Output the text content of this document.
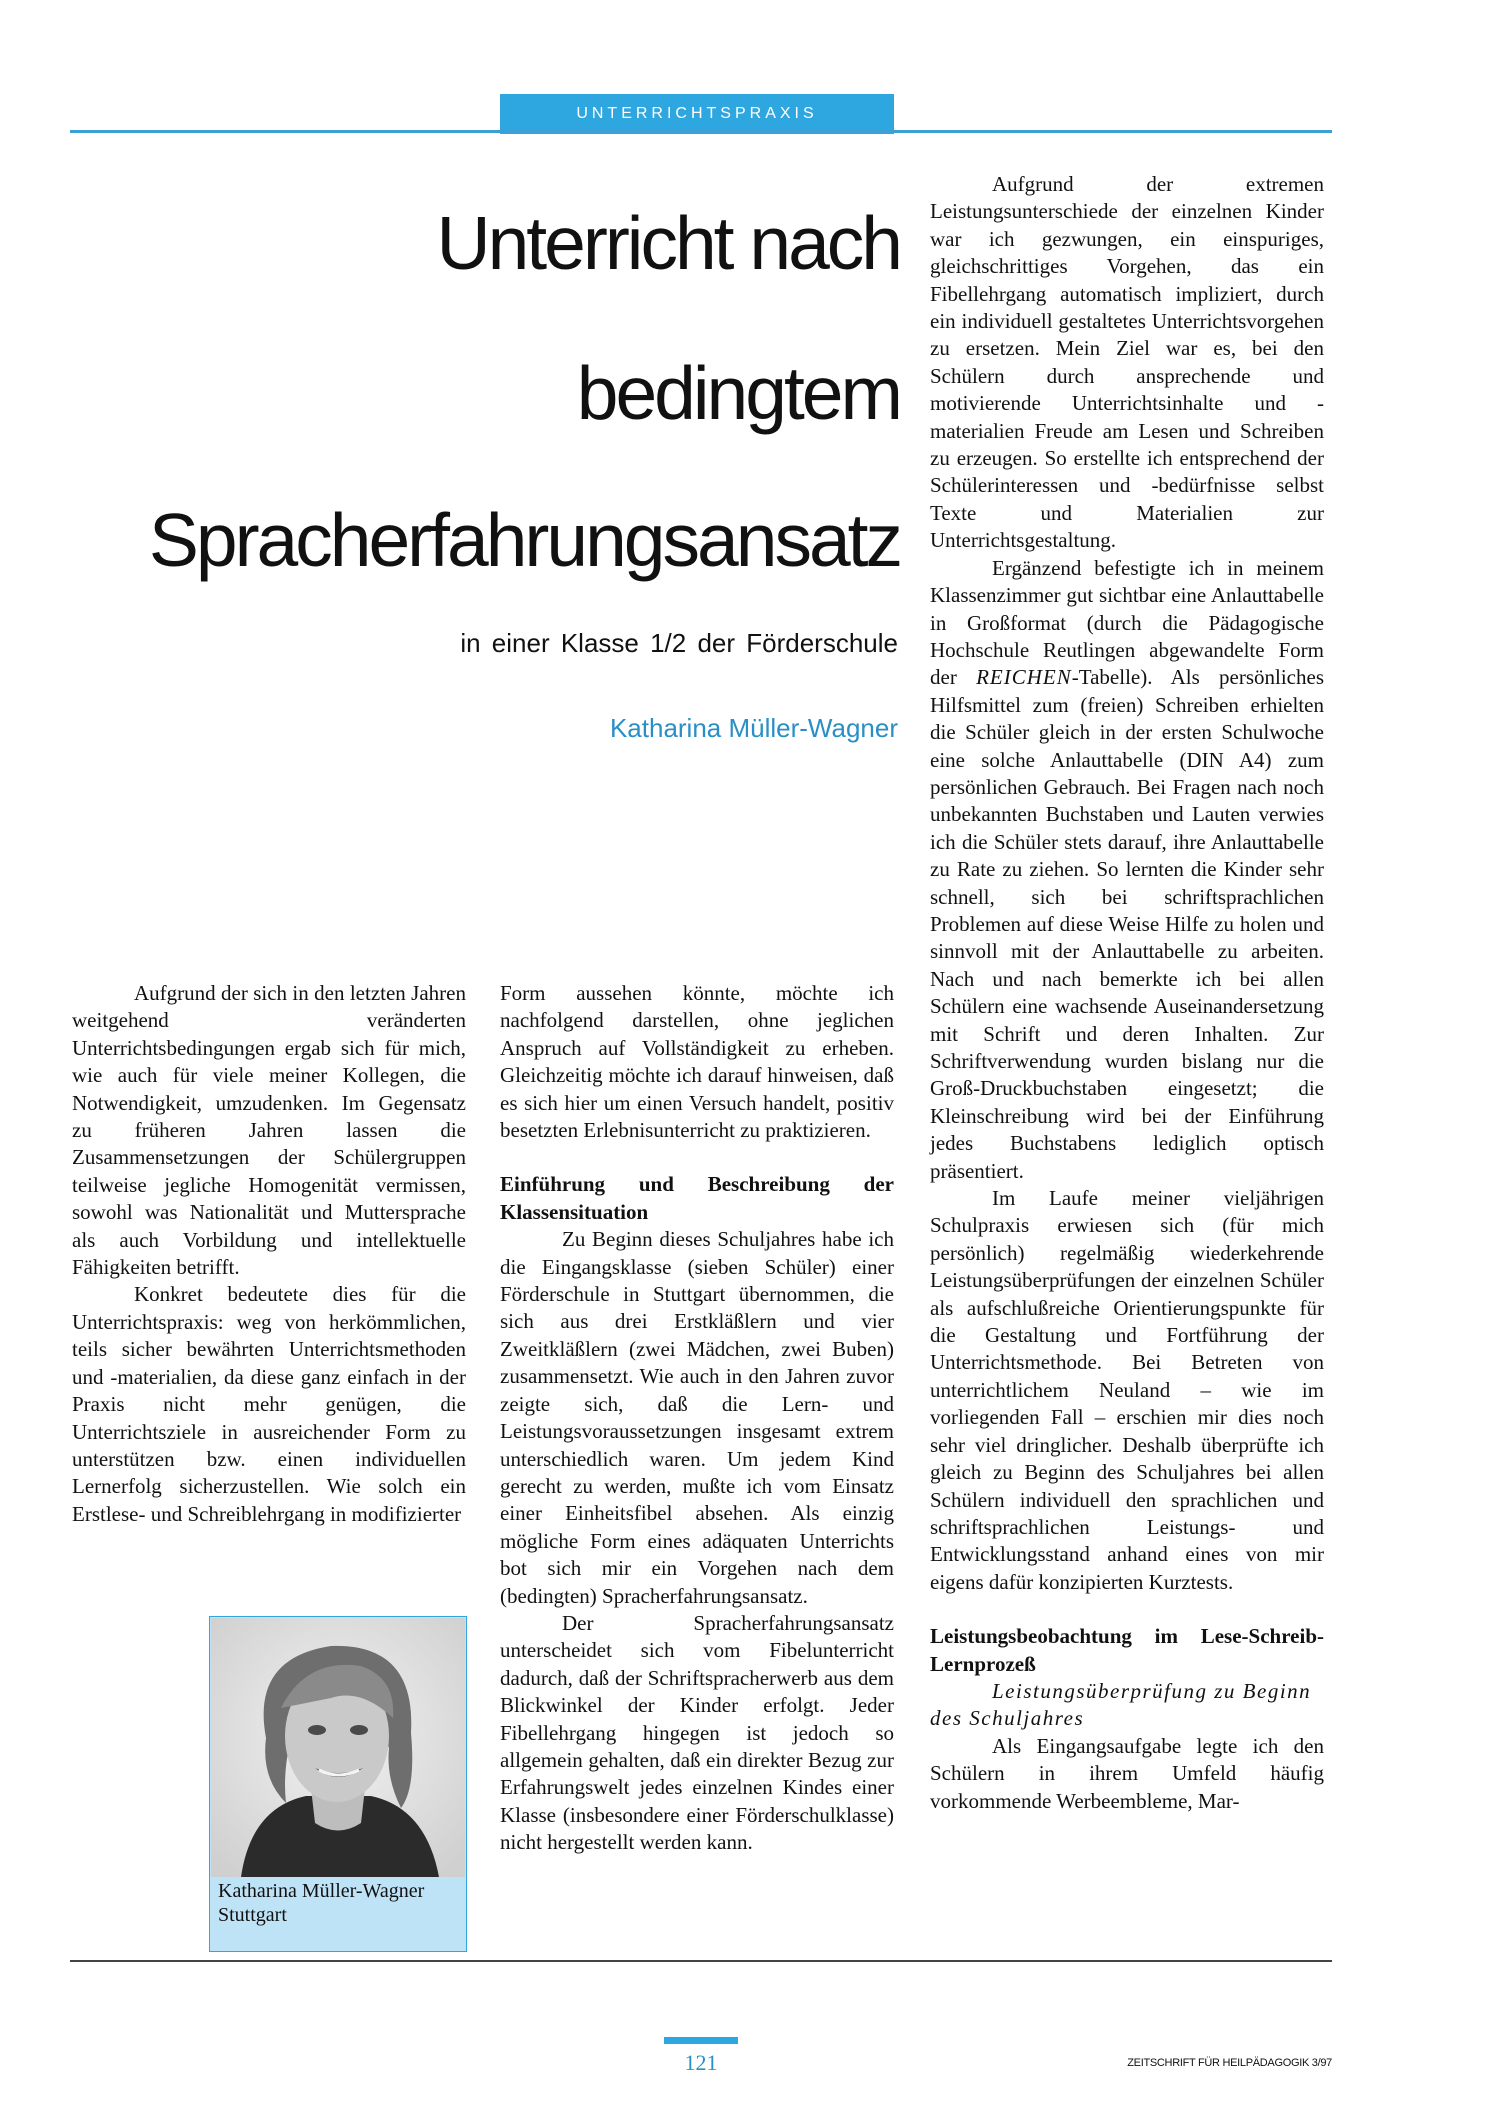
UNTERRICHTSPRAXIS
Unterricht nach
bedingtem
Spracherfahrungsansatz

in einer Klasse 1/2 der Förderschule

Katharina Müller-Wagner

Aufgrund der sich in den letzten Jahren weitgehend veränderten Unterrichtsbedingungen ergab sich für mich, wie auch für viele meiner Kollegen, die Notwendigkeit, umzudenken. Im Gegensatz zu früheren Jahren lassen die Zusammensetzungen der Schülergruppen teilweise jegliche Homogenität vermissen, sowohl was Nationalität und Muttersprache als auch Vorbildung und intellektuelle Fähigkeiten betrifft.

Konkret bedeutete dies für die Unterrichtspraxis: weg von herkömmlichen, teils sicher bewährten Unterrichtsmethoden und -materialien, da diese ganz einfach in der Praxis nicht mehr genügen, die Unterrichtsziele in ausreichender Form zu unterstützen bzw. einen individuellen Lernerfolg sicherzustellen. Wie solch ein Erstlese- und Schreiblehrgang in modifizierter

Katharina Müller-Wagner
Stuttgart

Form aussehen könnte, möchte ich nachfolgend darstellen, ohne jeglichen Anspruch auf Vollständigkeit zu erheben. Gleichzeitig möchte ich darauf hinweisen, daß es sich hier um einen Versuch handelt, positiv besetzten Erlebnisunterricht zu praktizieren.

Einführung und Beschreibung der Klassensituation

Zu Beginn dieses Schuljahres habe ich die Eingangsklasse (sieben Schüler) einer Förderschule in Stuttgart übernommen, die sich aus drei Erstkläßlern und vier Zweitkläßlern (zwei Mädchen, zwei Buben) zusammensetzt. Wie auch in den Jahren zuvor zeigte sich, daß die Lern- und Leistungsvoraussetzungen insgesamt extrem unterschiedlich waren. Um jedem Kind gerecht zu werden, mußte ich vom Einsatz einer Einheitsfibel absehen. Als einzig mögliche Form eines adäquaten Unterrichts bot sich mir ein Vorgehen nach dem (bedingten) Spracherfahrungsansatz.

Der Spracherfahrungsansatz unterscheidet sich vom Fibelunterricht dadurch, daß der Schriftspracherwerb aus dem Blickwinkel der Kinder erfolgt. Jeder Fibellehrgang hingegen ist jedoch so allgemein gehalten, daß ein direkter Bezug zur Erfahrungswelt jedes einzelnen Kindes einer Klasse (insbesondere einer Förderschulklasse) nicht hergestellt werden kann.

Aufgrund der extremen Leistungsunterschiede der einzelnen Kinder war ich gezwungen, ein einspuriges, gleichschrittiges Vorgehen, das ein Fibellehrgang automatisch impliziert, durch ein individuell gestaltetes Unterrichtsvorgehen zu ersetzen. Mein Ziel war es, bei den Schülern durch ansprechende und motivierende Unterrichtsinhalte und -materialien Freude am Lesen und Schreiben zu erzeugen. So erstellte ich entsprechend der Schülerinteressen und -bedürfnisse selbst Texte und Materialien zur Unterrichtsgestaltung.

Ergänzend befestigte ich in meinem Klassenzimmer gut sichtbar eine Anlauttabelle in Großformat (durch die Pädagogische Hochschule Reutlingen abgewandelte Form der REICHEN-Tabelle). Als persönliches Hilfsmittel zum (freien) Schreiben erhielten die Schüler gleich in der ersten Schulwoche eine solche Anlauttabelle (DIN A4) zum persönlichen Gebrauch. Bei Fragen nach noch unbekannten Buchstaben und Lauten verwies ich die Schüler stets darauf, ihre Anlauttabelle zu Rate zu ziehen. So lernten die Kinder sehr schnell, sich bei schriftsprachlichen Problemen auf diese Weise Hilfe zu holen und sinnvoll mit der Anlauttabelle zu arbeiten. Nach und nach bemerkte ich bei allen Schülern eine wachsende Auseinandersetzung mit Schrift und deren Inhalten. Zur Schriftverwendung wurden bislang nur die Groß-Druckbuchstaben eingesetzt; die Kleinschreibung wird bei der Einführung jedes Buchstabens lediglich optisch präsentiert.

Im Laufe meiner vieljährigen Schulpraxis erwiesen sich (für mich persönlich) regelmäßig wiederkehrende Leistungsüberprüfungen der einzelnen Schüler als aufschlußreiche Orientierungspunkte für die Gestaltung und Fortführung der Unterrichtsmethode. Bei Betreten von unterrichtlichem Neuland – wie im vorliegenden Fall – erschien mir dies noch sehr viel dringlicher. Deshalb überprüfte ich gleich zu Beginn des Schuljahres bei allen Schülern individuell den sprachlichen und schriftsprachlichen Leistungs- und Entwicklungsstand anhand eines von mir eigens dafür konzipierten Kurztests.

Leistungsbeobachtung im Lese-Schreib-Lernprozeß

Leistungsüberprüfung zu Beginn des Schuljahres

Als Eingangsaufgabe legte ich den Schülern in ihrem Umfeld häufig vorkommende Werbeembleme, Mar-

121	ZEITSCHRIFT FÜR HEILPÄDAGOGIK 3/97
